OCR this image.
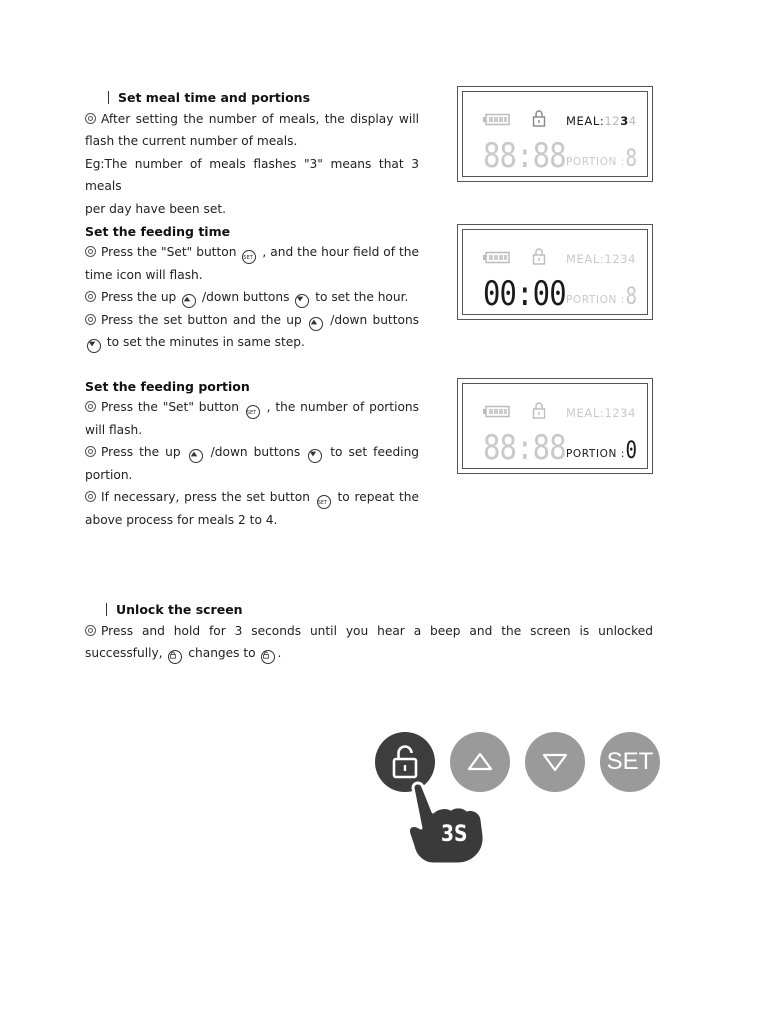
Set meal time and portions
After setting the number of meals, the display will
flash the current number of meals.
Eg:The number of meals flashes "3" means that 3 meals
per day have been set.
Set the feeding time
Press the "Set" button SET , and the hour field of the
time icon will flash.
Press the up /down buttons to set the hour.
Press the set button and the up /down buttons
to set the minutes in same step.
Set the feeding portion
Press the "Set" button SET , the number of portions
will flash.
Press the up /down buttons to set feeding
portion.
If necessary, press the set button SET to repeat the
above process for meals 2 to 4.
Unlock the screen
Press and hold for 3 seconds until you hear a beep and the screen is unlocked
successfully, changes to .
MEAL:1234
88:88 PORTION : 8
MEAL:1234
00:00 PORTION : 8
MEAL:1234
88:88 PORTION : 0
SET
3S
